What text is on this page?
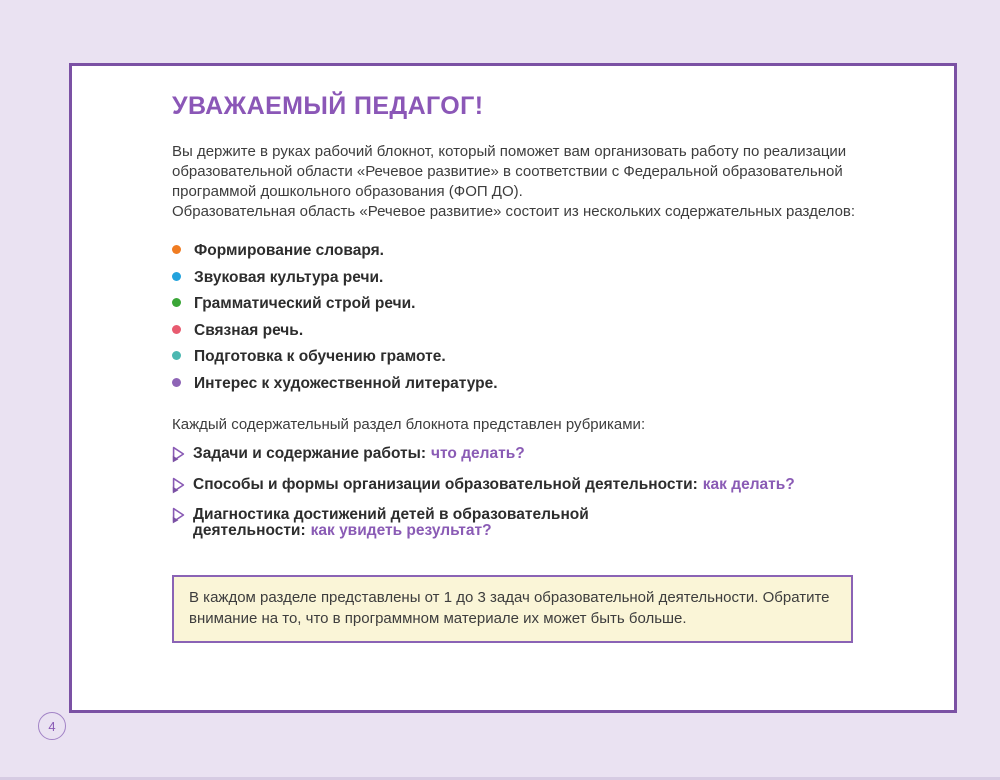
УВАЖАЕМЫЙ ПЕДАГОГ!

Вы держите в руках рабочий блокнот, который поможет вам организовать работу по реализации образовательной области «Речевое развитие» в соответствии с Федеральной образовательной программой дошкольного образования (ФОП ДО).
Образовательная область «Речевое развитие» состоит из нескольких содержательных разделов:

Формирование словаря.
Звуковая культура речи.
Грамматический строй речи.
Связная речь.
Подготовка к обучению грамоте.
Интерес к художественной литературе.

Каждый содержательный раздел блокнота представлен рубриками:

Задачи и содержание работы: что делать?
Способы и формы организации образовательной деятельности: как делать?
Диагностика достижений детей в образовательной деятельности: как увидеть результат?
В каждом разделе представлены от 1 до 3 задач образовательной деятельности. Обратите внимание на то, что в программном материале их может быть больше.
4
